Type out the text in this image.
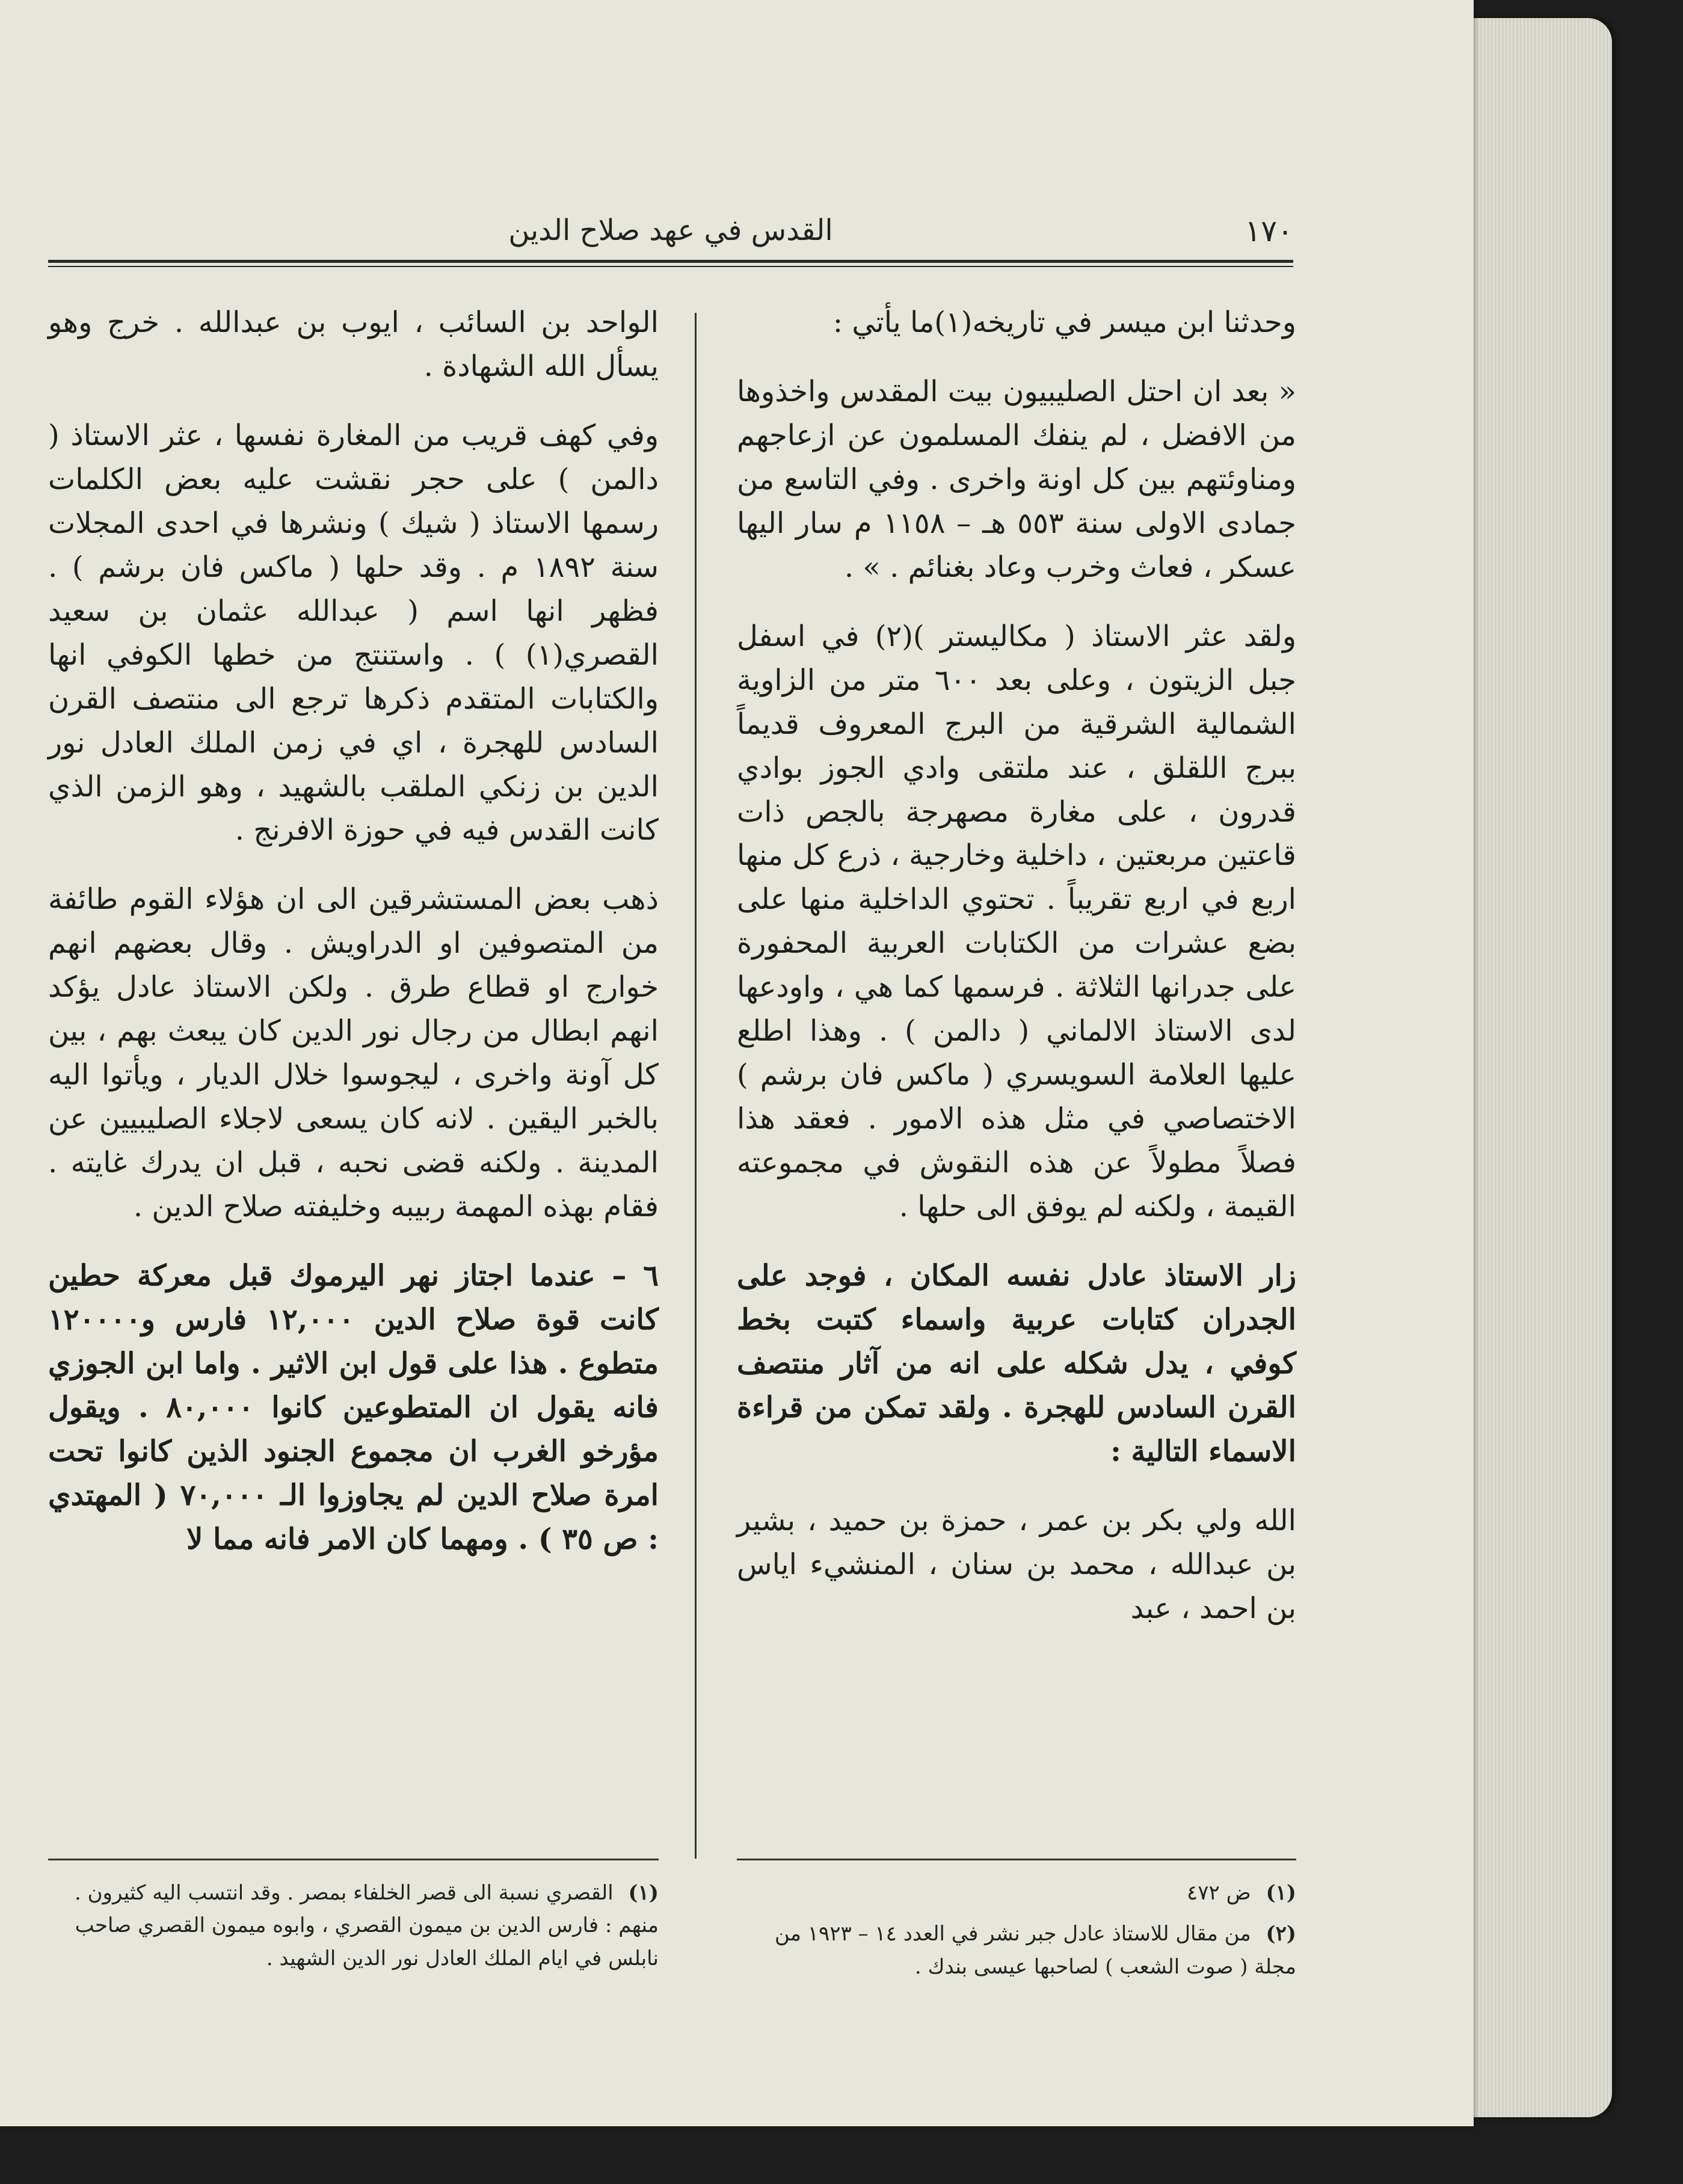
القدس في عهد صلاح الدين	١٧٠

وحدثنا ابن ميسر في تاريخه(١)ما يأتي :

« بعد ان احتل الصليبيون بيت المقدس واخذوها من الافضل ، لم ينفك المسلمون عن ازعاجهم ومناوئتهم بين كل اونة واخرى . وفي التاسع من جمادى الاولى سنة ٥٥٣ هـ – ١١٥٨ م سار اليها عسكر ، فعاث وخرب وعاد بغنائم . » .

ولقد عثر الاستاذ ( مكاليستر )(٢) في اسفل جبل الزيتون ، وعلى بعد ٦٠٠ متر من الزاوية الشمالية الشرقية من البرج المعروف قديماً ببرج اللقلق ، عند ملتقى وادي الجوز بوادي قدرون ، على مغارة مصهرجة بالجص ذات قاعتين مربعتين ، داخلية وخارجية ، ذرع كل منها اربع في اربع تقريباً . تحتوي الداخلية منها على بضع عشرات من الكتابات العربية المحفورة على جدرانها الثلاثة . فرسمها كما هي ، واودعها لدى الاستاذ الالماني ( دالمن ) . وهذا اطلع عليها العلامة السويسري ( ماكس فان برشم ) الاختصاصي في مثل هذه الامور . فعقد هذا فصلاً مطولاً عن هذه النقوش في مجموعته القيمة ، ولكنه لم يوفق الى حلها .

زار الاستاذ عادل نفسه المكان ، فوجد على الجدران كتابات عربية واسماء كتبت بخط كوفي ، يدل شكله على انه من آثار منتصف القرن السادس للهجرة . ولقد تمكن من قراءة الاسماء التالية :

الله ولي بكر بن عمر ، حمزة بن حميد ، بشير بن عبدالله ، محمد بن سنان ، المنشيء اياس بن احمد ، عبد

الواحد بن السائب ، ايوب بن عبدالله . خرج وهو يسأل الله الشهادة .

وفي كهف قريب من المغارة نفسها ، عثر الاستاذ ( دالمن ) على حجر نقشت عليه بعض الكلمات رسمها الاستاذ ( شيك ) ونشرها في احدى المجلات سنة ١٨٩٢ م . وقد حلها ( ماكس فان برشم ) . فظهر انها اسم ( عبدالله عثمان بن سعيد القصري(١) ) . واستنتج من خطها الكوفي انها والكتابات المتقدم ذكرها ترجع الى منتصف القرن السادس للهجرة ، اي في زمن الملك العادل نور الدين بن زنكي الملقب بالشهيد ، وهو الزمن الذي كانت القدس فيه في حوزة الافرنج .

ذهب بعض المستشرقين الى ان هؤلاء القوم طائفة من المتصوفين او الدراويش . وقال بعضهم انهم خوارج او قطاع طرق . ولكن الاستاذ عادل يؤكد انهم ابطال من رجال نور الدين كان يبعث بهم ، بين كل آونة واخرى ، ليجوسوا خلال الديار ، ويأتوا اليه بالخبر اليقين . لانه كان يسعى لاجلاء الصليبيين عن المدينة . ولكنه قضى نحبه ، قبل ان يدرك غايته . فقام بهذه المهمة ربيبه وخليفته صلاح الدين .

٦ – عندما اجتاز نهر اليرموك قبل معركة حطين كانت قوة صلاح الدين ١٢,٠٠٠ فارس و١٢٠٠٠٠ متطوع . هذا على قول ابن الاثير . واما ابن الجوزي فانه يقول ان المتطوعين كانوا ٨٠,٠٠٠ . ويقول مؤرخو الغرب ان مجموع الجنود الذين كانوا تحت امرة صلاح الدين لم يجاوزوا الـ ٧٠,٠٠٠ ( المهتدي : ص ٣٥ ) . ومهما كان الامر فانه مما لا

(١) ض ٤٧٢
(٢) من مقال للاستاذ عادل جبر نشر في العدد ١٤ – ١٩٢٣ من مجلة ( صوت الشعب ) لصاحبها عيسى بندك .
(١) القصري نسبة الى قصر الخلفاء بمصر . وقد انتسب اليه كثيرون . منهم : فارس الدين بن ميمون القصري ، وابوه ميمون القصري صاحب نابلس في ايام الملك العادل نور الدين الشهيد .
